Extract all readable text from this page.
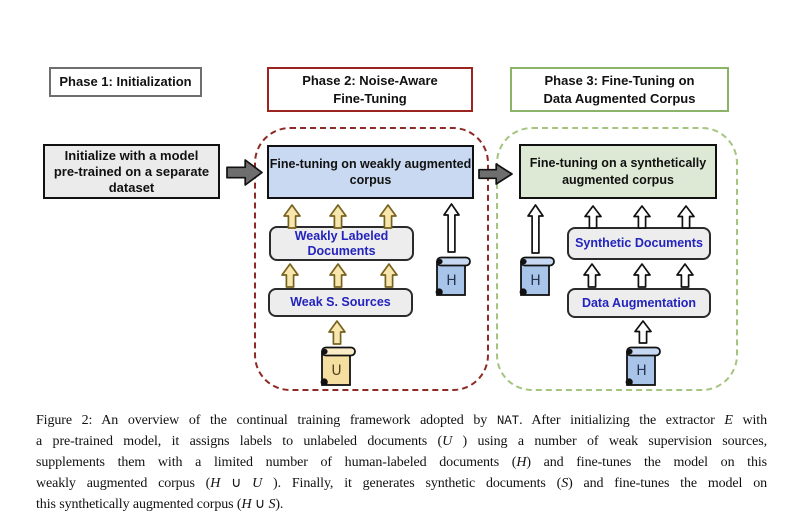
Phase 1: Initialization	Phase 2: Noise-Aware
Fine-Tuning
Phase 3: Fine-Tuning on
Data Augmented Corpus
Initialize with a model
pre-trained on a separate
dataset
Fine-tuning on weakly augmented
corpus
Fine-tuning on a synthetically
augmented corpus
Weakly Labeled
Documents
Weak S. Sources
Synthetic Documents
Data Augmentation
U
H	H
H
Figure 2: An overview of the continual training framework adopted by NAT. After initializing the extractor E with
a pre-trained model, it assigns labels to unlabeled documents (U ) using a number of weak supervision sources,
supplements them with a limited number of human-labeled documents (H) and fine-tunes the model on this
weakly augmented corpus (H ∪ U ). Finally, it generates synthetic documents (S) and fine-tunes the model on
this synthetically augmented corpus (H ∪ S).
